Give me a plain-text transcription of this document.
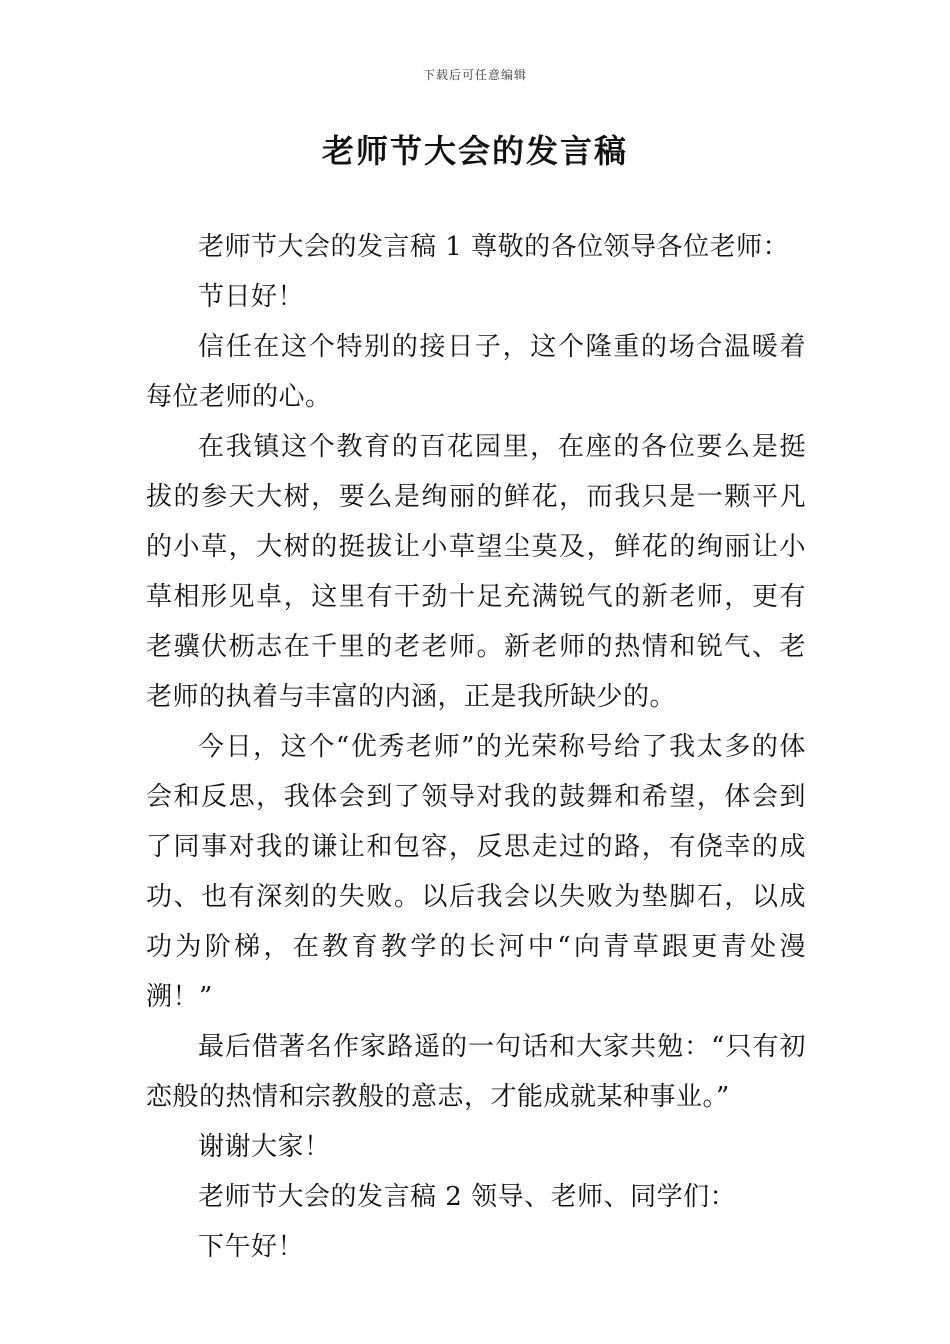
下载后可任意编辑
老师节大会的发言稿

老师节大会的发言稿 1 尊敬的各位领导各位老师：

节日好！

信任在这个特别的接日子，这个隆重的场合温暖着每位老师的心。

在我镇这个教育的百花园里，在座的各位要么是挺拔的参天大树，要么是绚丽的鲜花，而我只是一颗平凡的小草，大树的挺拔让小草望尘莫及，鲜花的绚丽让小草相形见卓，这里有干劲十足充满锐气的新老师，更有老骥伏枥志在千里的老老师。新老师的热情和锐气、老老师的执着与丰富的内涵，正是我所缺少的。

今日，这个“优秀老师”的光荣称号给了我太多的体会和反思，我体会到了领导对我的鼓舞和希望，体会到了同事对我的谦让和包容，反思走过的路，有侥幸的成功、也有深刻的失败。以后我会以失败为垫脚石，以成功为阶梯，在教育教学的长河中“向青草跟更青处漫溯！”

最后借著名作家路遥的一句话和大家共勉：“只有初恋般的热情和宗教般的意志，才能成就某种事业。”

谢谢大家！

老师节大会的发言稿 2 领导、老师、同学们：

下午好！
